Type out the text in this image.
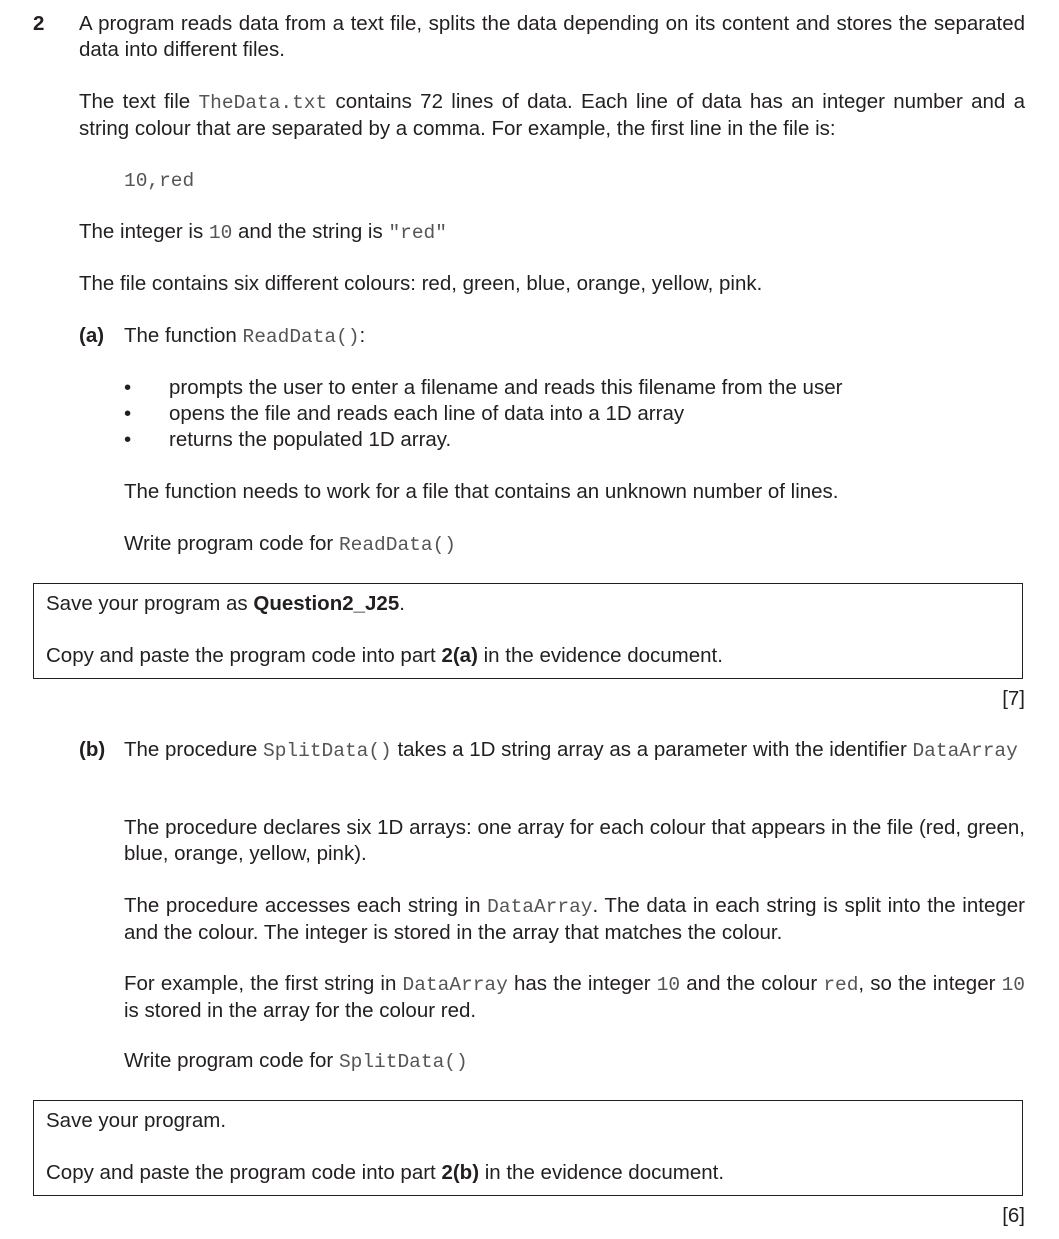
2 A program reads data from a text file, splits the data depending on its content and stores the separated data into different files.

The text file TheData.txt contains 72 lines of data. Each line of data has an integer number and a string colour that are separated by a comma. For example, the first line in the file is:

10,red

The integer is 10 and the string is "red"

The file contains six different colours: red, green, blue, orange, yellow, pink.

(a) The function ReadData():

• prompts the user to enter a filename and reads this filename from the user
• opens the file and reads each line of data into a 1D array
• returns the populated 1D array.

The function needs to work for a file that contains an unknown number of lines.

Write program code for ReadData()

Save your program as Question2_J25.

Copy and paste the program code into part 2(a) in the evidence document.

[7]

(b) The procedure SplitData() takes a 1D string array as a parameter with the identifier DataArray

The procedure declares six 1D arrays: one array for each colour that appears in the file (red, green, blue, orange, yellow, pink).

The procedure accesses each string in DataArray. The data in each string is split into the integer and the colour. The integer is stored in the array that matches the colour.

For example, the first string in DataArray has the integer 10 and the colour red, so the integer 10 is stored in the array for the colour red.

Write program code for SplitData()

Save your program.

Copy and paste the program code into part 2(b) in the evidence document.

[6]
